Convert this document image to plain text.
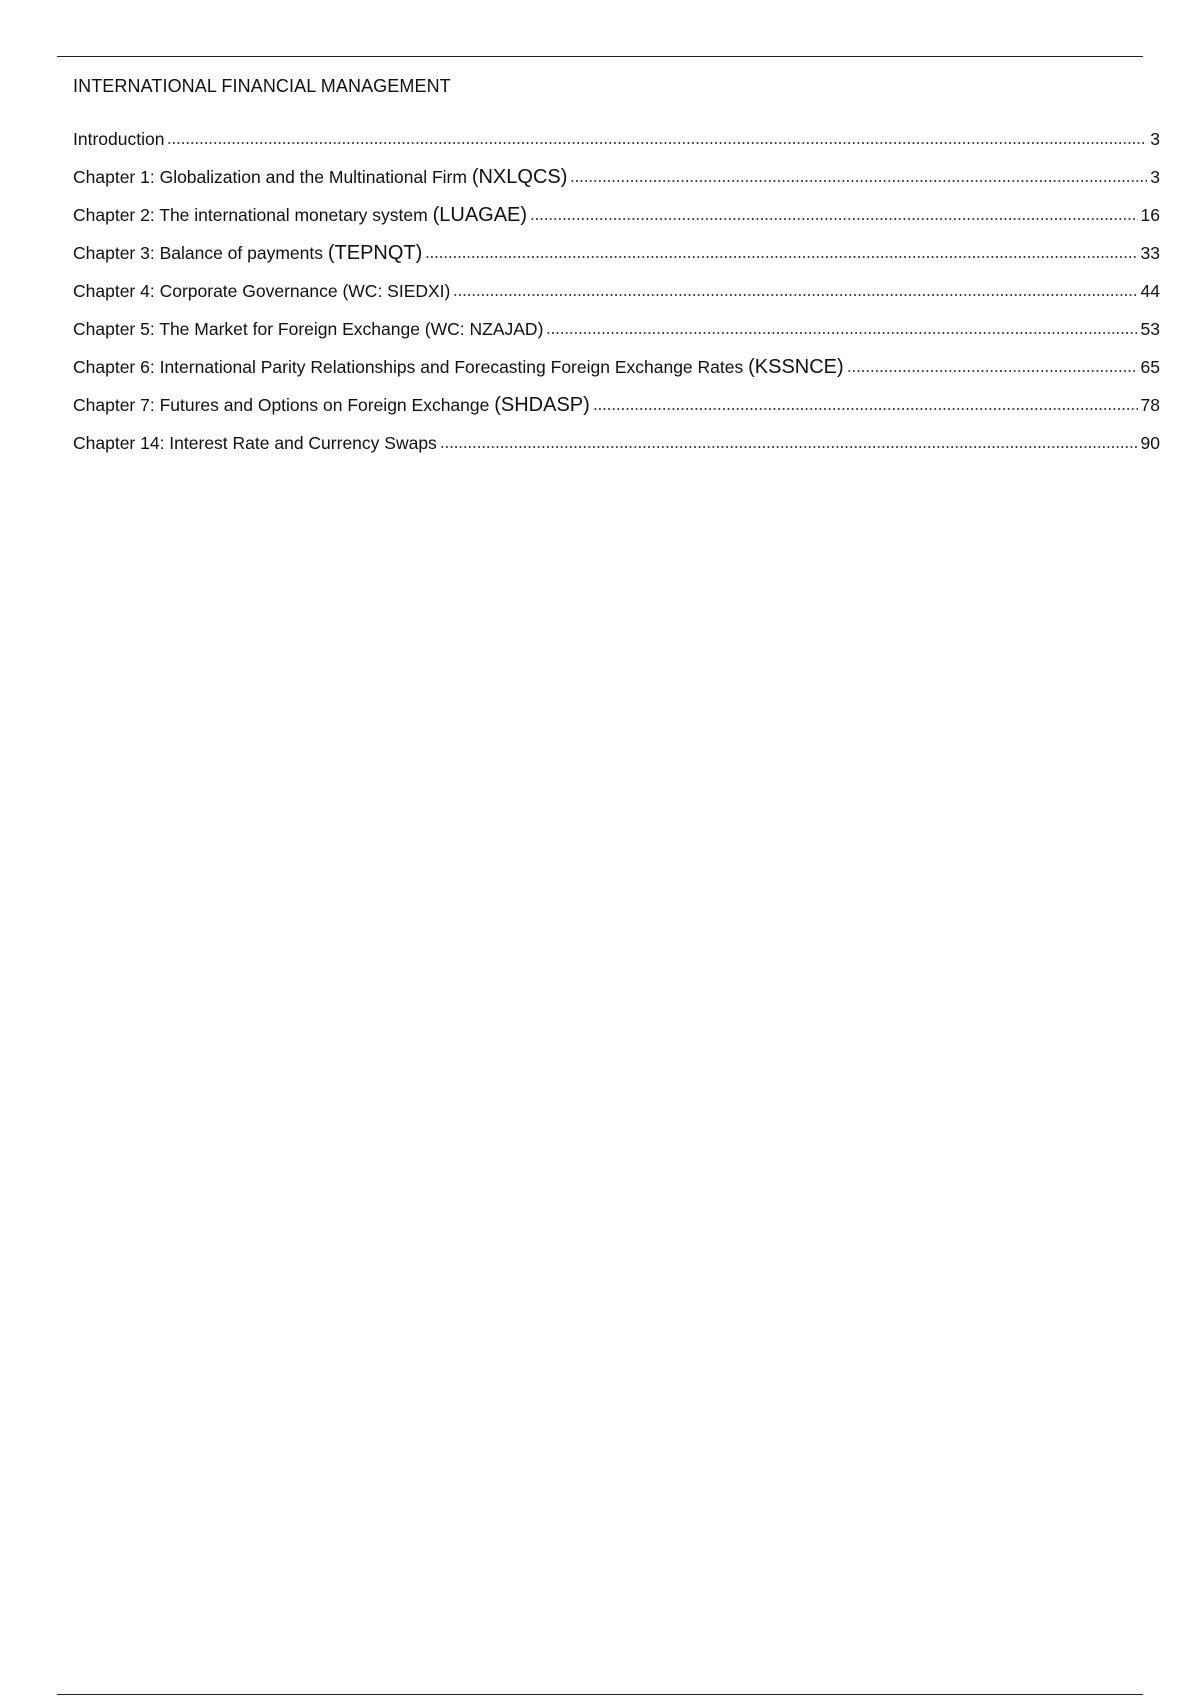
INTERNATIONAL FINANCIAL MANAGEMENT
Introduction	3
Chapter 1: Globalization and the Multinational Firm (NXLQCS)	3
Chapter 2: The international monetary system (LUAGAE)	16
Chapter 3: Balance of payments (TEPNQT)	33
Chapter 4: Corporate Governance (WC: SIEDXI)	44
Chapter 5: The Market for Foreign Exchange (WC: NZAJAD)	53
Chapter 6: International Parity Relationships and Forecasting Foreign Exchange Rates (KSSNCE)	65
Chapter 7: Futures and Options on Foreign Exchange (SHDASP)	78
Chapter 14: Interest Rate and Currency Swaps	90
